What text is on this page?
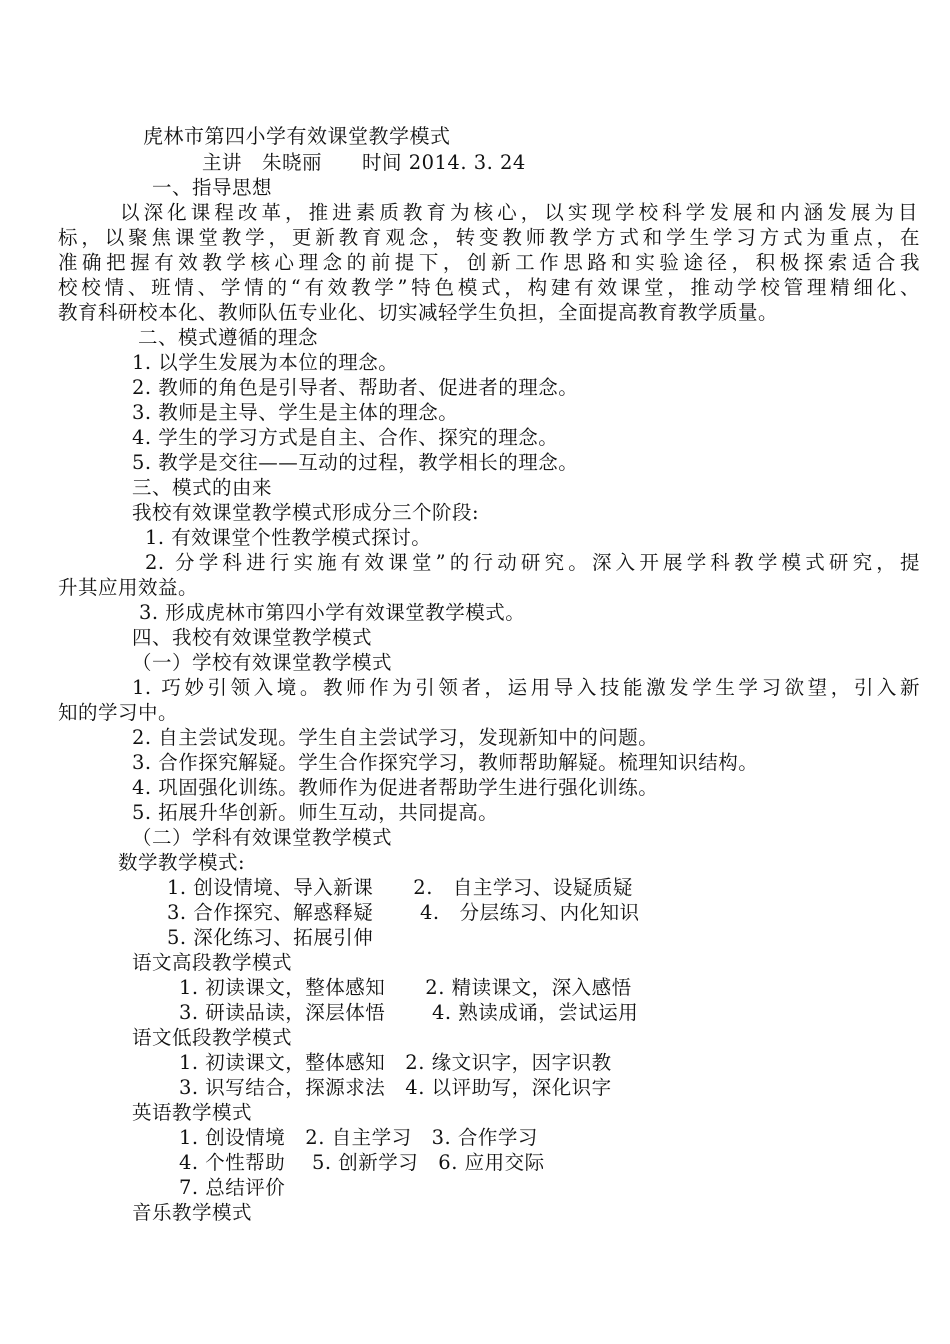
虎林市第四小学有效课堂教学模式
主讲　朱晓丽　　时间 2014. 3. 24
一、指导思想
以深化课程改革，推进素质教育为核心，以实现学校科学发展和内涵发展为目
标，以聚焦课堂教学，更新教育观念，转变教师教学方式和学生学习方式为重点，在
准确把握有效教学核心理念的前提下，创新工作思路和实验途径，积极探索适合我
校校情、班情、学情的“有效教学”特色模式，构建有效课堂，推动学校管理精细化、
教育科研校本化、教师队伍专业化、切实减轻学生负担，全面提高教育教学质量。
二、模式遵循的理念
1. 以学生发展为本位的理念。
2. 教师的角色是引导者、帮助者、促进者的理念。
3. 教师是主导、学生是主体的理念。
4. 学生的学习方式是自主、合作、探究的理念。
5. 教学是交往——互动的过程，教学相长的理念。
三、模式的由来
我校有效课堂教学模式形成分三个阶段:
1. 有效课堂个性教学模式探讨。
2. 分学科进行实施有效课堂”的行动研究。深入开展学科教学模式研究，提
升其应用效益。
3. 形成虎林市第四小学有效课堂教学模式。
四、我校有效课堂教学模式
（一）学校有效课堂教学模式
1. 巧妙引领入境。教师作为引领者，运用导入技能激发学生学习欲望，引入新
知的学习中。
2. 自主尝试发现。学生自主尝试学习，发现新知中的问题。
3. 合作探究解疑。学生合作探究学习，教师帮助解疑。梳理知识结构。
4. 巩固强化训练。教师作为促进者帮助学生进行强化训练。
5. 拓展升华创新。师生互动，共同提高。
（二）学科有效课堂教学模式
数学教学模式:
1. 创设情境、导入新课　　2.　自主学习、设疑质疑
3. 合作探究、解惑释疑　　 4.　分层练习、内化知识
5. 深化练习、拓展引伸
语文高段教学模式
1. 初读课文，整体感知　　2. 精读课文，深入感悟
3. 研读品读，深层体悟　　 4. 熟读成诵，尝试运用
语文低段教学模式
1. 初读课文，整体感知　2. 缘文识字，因字识教
3. 识写结合，探源求法　4. 以评助写，深化识字
英语教学模式
1. 创设情境　2. 自主学习　3. 合作学习
4. 个性帮助　 5. 创新学习　6. 应用交际
7. 总结评价
音乐教学模式
